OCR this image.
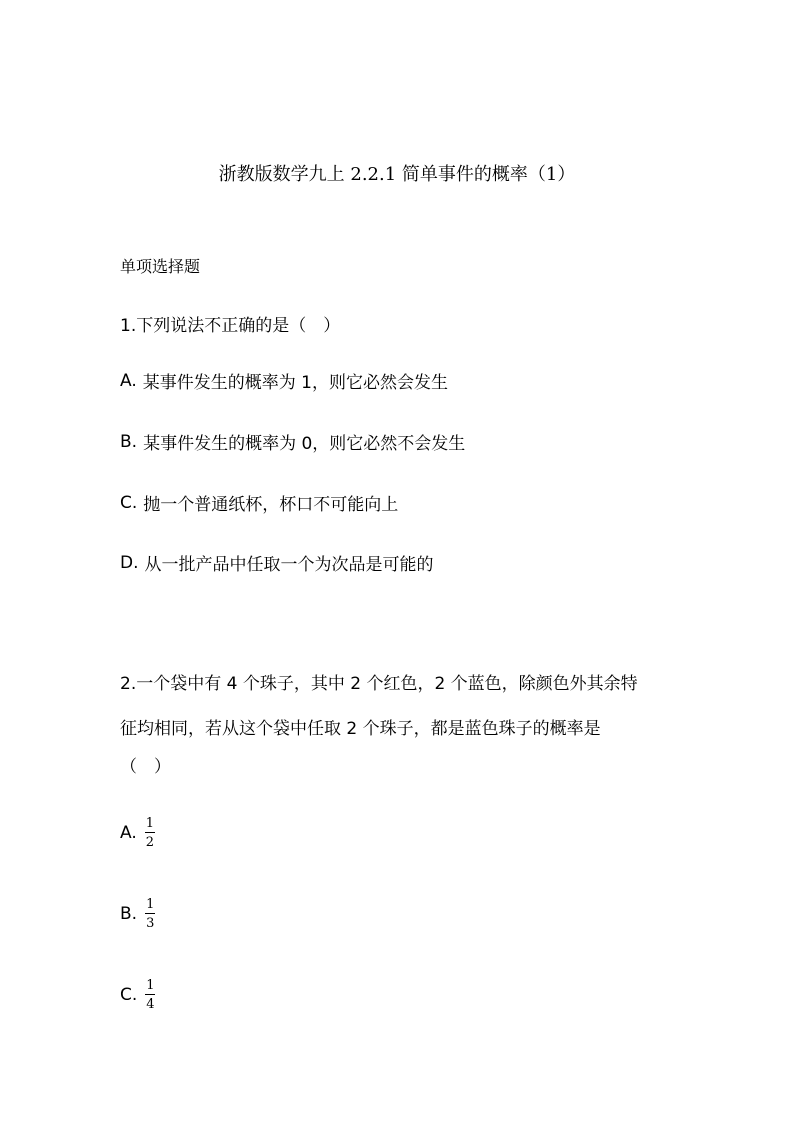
浙教版数学九上 2.2.1 简单事件的概率（1）
单项选择题
1.下列说法不正确的是（　）
A. 某事件发生的概率为 1，则它必然会发生
B. 某事件发生的概率为 0，则它必然不会发生
C. 抛一个普通纸杯，杯口不可能向上
D. 从一批产品中任取一个为次品是可能的
2.一个袋中有 4 个珠子，其中 2 个红色，2 个蓝色，除颜色外其余特
征均相同，若从这个袋中任取 2 个珠子，都是蓝色珠子的概率是
（　）
A. $\frac{1}{2}$
B. $\frac{1}{3}$
C. $\frac{1}{4}$
